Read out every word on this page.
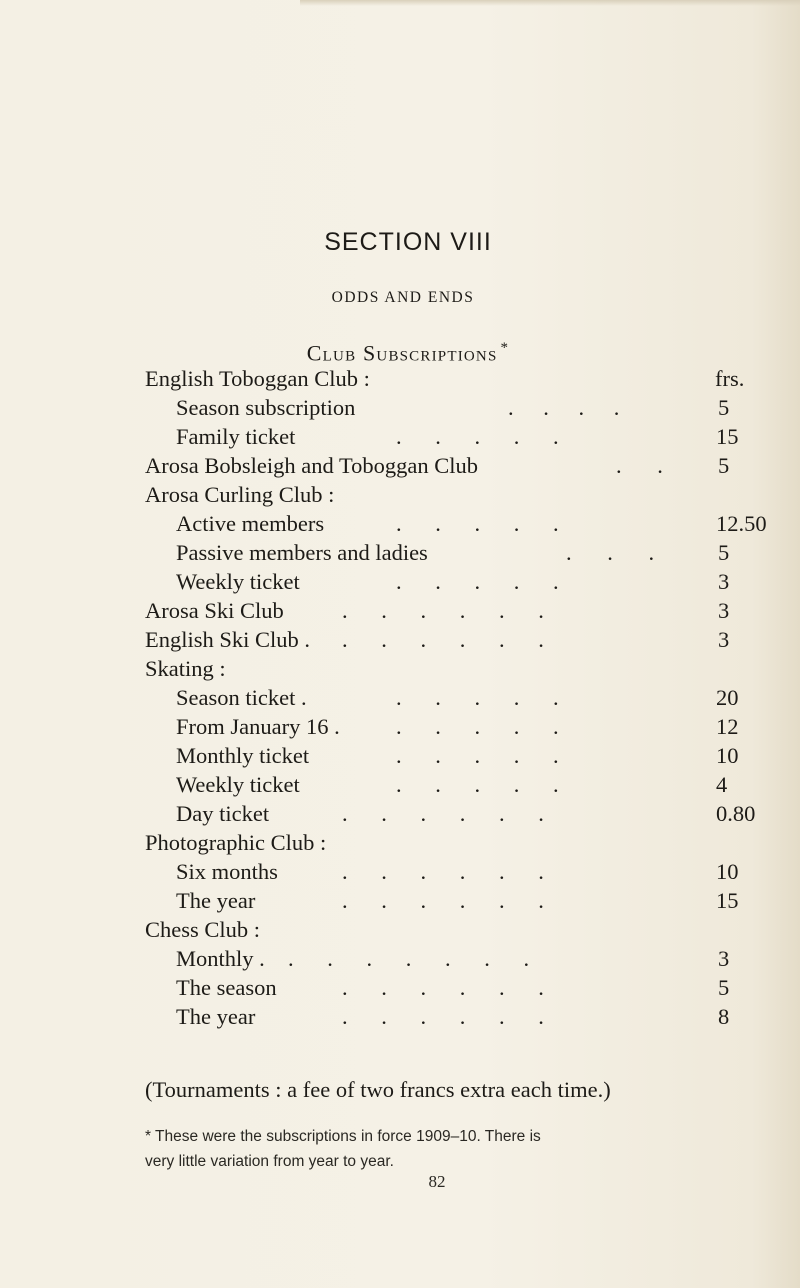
SECTION VIII
ODDS AND ENDS
Club Subscriptions *
frs.
English Toboggan Club :
Season subscription	. . . .	5
Family ticket	. . . . .	15
Arosa Bobsleigh and Toboggan Club	. . 5
Arosa Curling Club :
Active members	. . . . .	12.50
Passive members and ladies	. . .	5
Weekly ticket	. . . . .	3
Arosa Ski Club	. . . . . .	3
English Ski Club . . . . . . .	3
Skating :
Season ticket .	. . . . .	20
From January 16 .	. . . . .	12
Monthly ticket	. . . . .	10
Weekly ticket	. . . . .	4
Day ticket	. . . . . .	0.80
Photographic Club :
Six months	. . . . . .	10
The year	. . . . . .	15
Chess Club :
Monthly . . . . . . . .	3
The season	. . . . . .	5
The year	. . . . . .	8
(Tournaments : a fee of two francs extra each time.)
* These were the subscriptions in force 1909–10. There is
very little variation from year to year.
82
